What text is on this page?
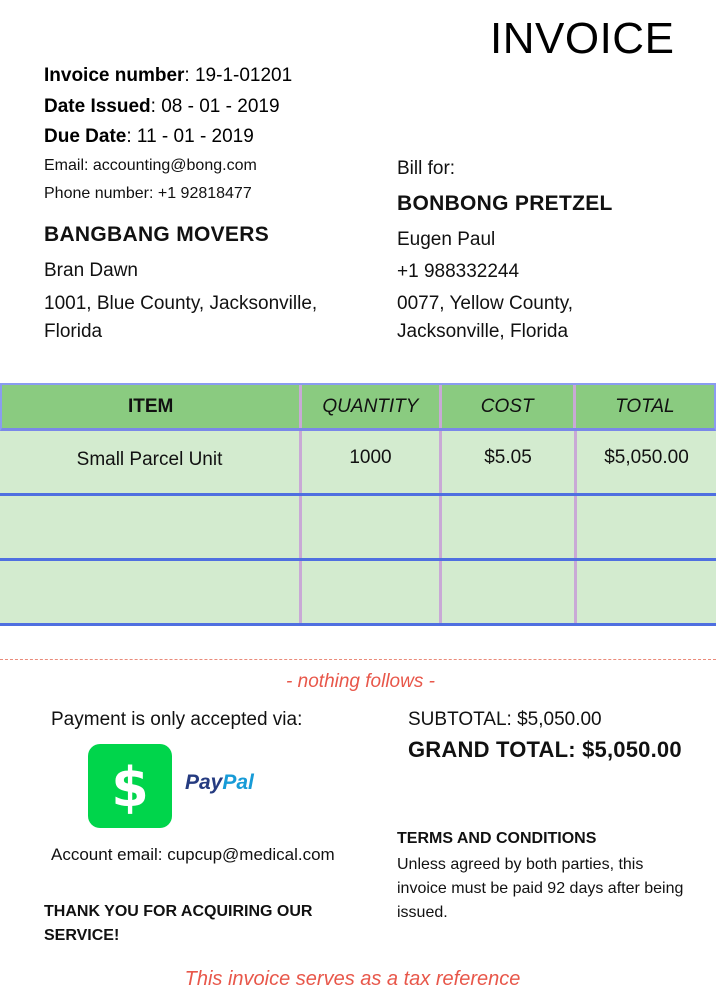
INVOICE
Invoice number: 19-1-01201
Date Issued: 08 - 01 - 2019
Due Date: 11 - 01 - 2019
Email: accounting@bong.com
Phone number: +1 92818477
BANGBANG MOVERS
Bran Dawn
1001, Blue County, Jacksonville,
Florida
Bill for:
BONBONG PRETZEL
Eugen Paul
+1 988332244
0077, Yellow County,
Jacksonville, Florida
ITEM	QUANTITY	COST	TOTAL
Small Parcel Unit	1000	$5.05	$5,050.00
- nothing follows -
Payment is only accepted via:
$ PayPal
Account email: cupcup@medical.com
THANK YOU FOR ACQUIRING OUR SERVICE!
SUBTOTAL: $5,050.00
GRAND TOTAL: $5,050.00
TERMS AND CONDITIONS
Unless agreed by both parties, this invoice must be paid 92 days after being issued.
This invoice serves as a tax reference
